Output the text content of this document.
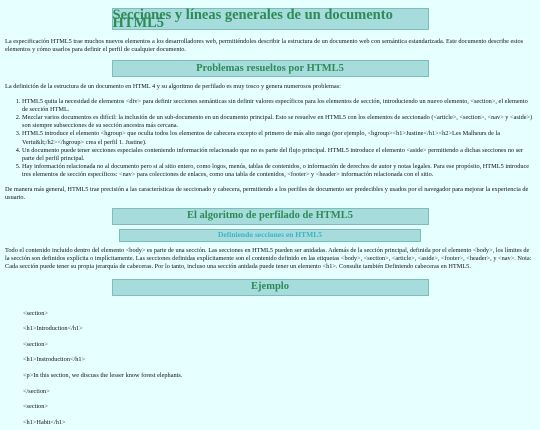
Secciones y líneas generales de un documento HTML5

La especificación HTML5 trae muchos nuevos elementos a los desarrolladores web, permitiéndoles describir la estructura de un documento web con semántica estandarizada. Este documento describe estos elementos y cómo usarlos para definir el perfil de cualquier documento.

Problemas resueltos por HTML5

La definición de la estructura de un documento en HTML 4 y su algoritmo de perfilado es muy tosco y genera numerosos problemas:

1. HTML5 quita la necesidad de elementos <div> para definir secciones semánticas sin definir valores específicos para los elementos de sección, introduciendo un nuevo elemento, <section>, el elemento de sección HTML.
2. Mezclar varios documentos es difícil: la inclusión de un sub-documento en un documento principal. Esto se resuelve en HTML5 con los elementos de seccionado (<article>, <section>, <nav> y <aside>) son siempre subsecciones de su sección ancestra más cercana.
3. HTML5 introduce el elemento <hgroup> que oculta todos los elementos de cabecera excepto el primero de más alto rango (por ejemplo, <hgroup><h1>Justine</h1><h2>Les Malheurs de la Vertu&lt;/h2></hgroup> crea el perfil 1. Justine).
4. Un documento puede tener secciones especiales conteniendo información relacionado que no es parte del flujo principal. HTML5 introduce el elemento <aside> permitiendo a dichas secciones no ser parte del perfil principal.
5. Hay información relacionada no al documento pero si al sitio entero, como logos, menús, tablas de contenidos, o información de derechos de autor y notas legales. Para ese propósito, HTML5 introduce tres elementos de sección específicos: <nav> para colecciones de enlaces, como una tabla de contenidos, <footer> y <header> información relacionada con el sitio.

De manera más general, HTML5 trae precisión a las características de seccionado y cabecera, permitiendo a los perfiles de documento ser predecibles y usados por el navegador para mejorar la experiencia de usuario.

El algoritmo de perfilado de HTML5
Definiendo secciones en HTML5

Todo el contenido incluido dentro del elemento <body> es parte de una sección. Las secciones en HTML5 pueden ser anidadas. Además de la sección principal, definida por el elemento <body>, los límites de la sección son definidos explícita o implícitamente. Las secciones definidas explícitamente son el contenido definido en las etiquetas <body>, <section>, <article>, <aside>, <footer>, <header>, y <nav>. Nota: Cada sección puede tener su propia jerarquía de cabeceras. Por lo tanto, incluso una sección anidada puede tener un elemento <h1>. Consulte también Definiendo cabeceras en HTML5.

Ejemplo
<section>
<h1>Introduction</h1>
<section>
<h1>Instroduction</h1>
<p>In this section, we discuss the lesser know forest elephants.
</section>
<section>
<h1>Habit</h1>
